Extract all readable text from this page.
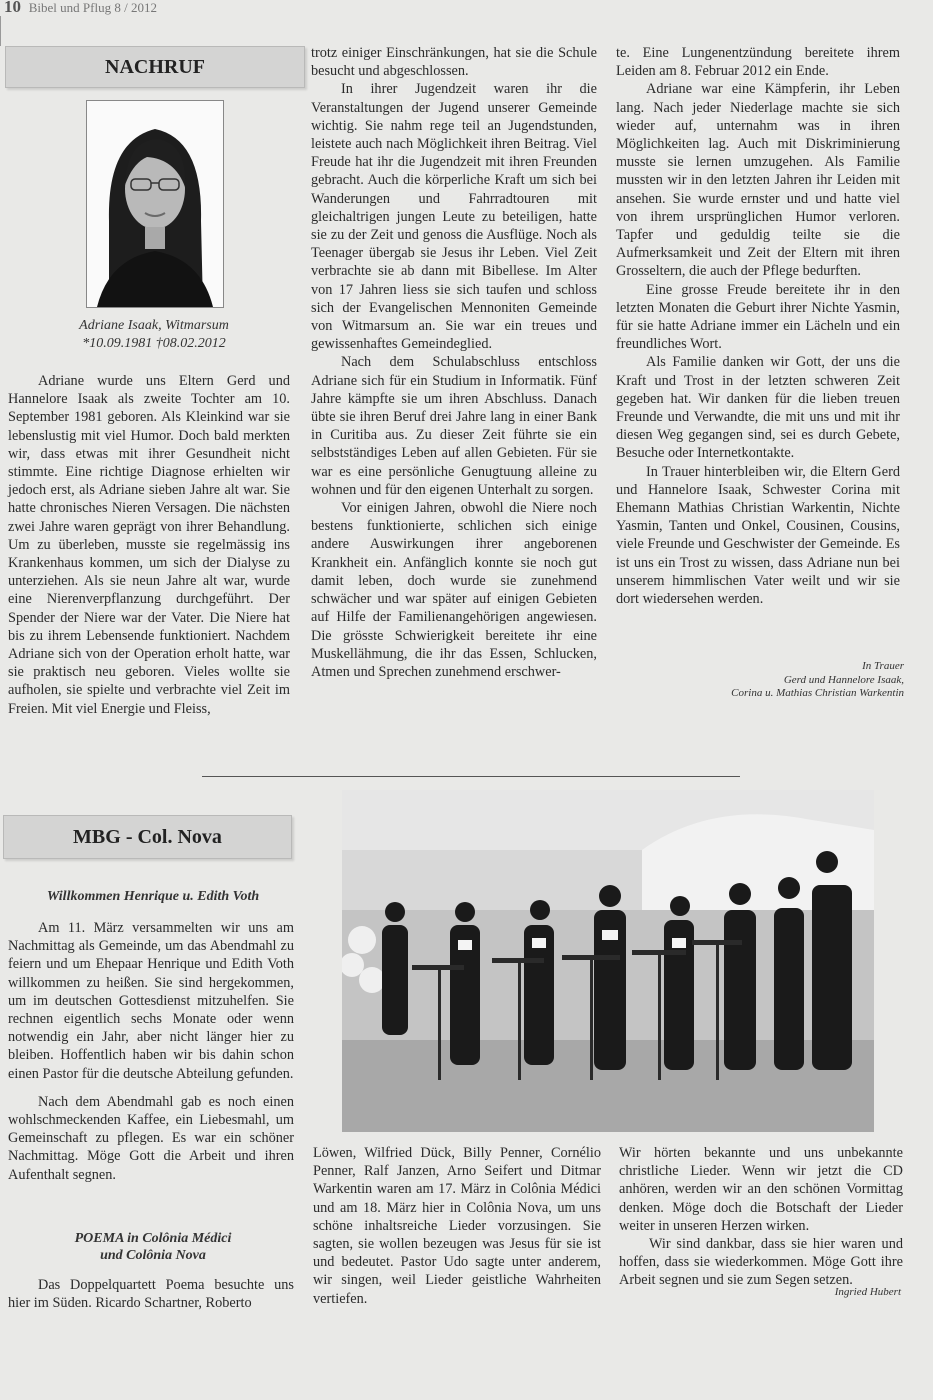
10 Bibel und Pflug 8 / 2012
NACHRUF
Adriane Isaak, Witmarsum
*10.09.1981 †08.02.2012

Adriane wurde uns Eltern Gerd und Hannelore Isaak als zweite Tochter am 10. September 1981 geboren. Als Kleinkind war sie lebenslustig mit viel Humor. Doch bald merkten wir, dass etwas mit ihrer Gesundheit nicht stimmte. Eine richtige Diagnose erhielten wir jedoch erst, als Adriane sieben Jahre alt war. Sie hatte chronisches Nieren Versagen. Die nächsten zwei Jahre waren geprägt von ihrer Behandlung. Um zu überleben, musste sie regelmässig ins Krankenhaus kommen, um sich der Dialyse zu unterziehen. Als sie neun Jahre alt war, wurde eine Nierenverpflanzung durchgeführt. Der Spender der Niere war der Vater. Die Niere hat bis zu ihrem Lebensende funktioniert. Nachdem Adriane sich von der Operation erholt hatte, war sie praktisch neu geboren. Vieles wollte sie aufholen, sie spielte und verbrachte viel Zeit im Freien. Mit viel Energie und Fleiss,

trotz einiger Einschränkungen, hat sie die Schule besucht und abgeschlossen.

In ihrer Jugendzeit waren ihr die Veranstaltungen der Jugend unserer Gemeinde wichtig. Sie nahm rege teil an Jugendstunden, leistete auch nach Möglichkeit ihren Beitrag. Viel Freude hat ihr die Jugendzeit mit ihren Freunden gebracht. Auch die körperliche Kraft um sich bei Wanderungen und Fahrradtouren mit gleichaltrigen jungen Leute zu beteiligen, hatte sie zu der Zeit und genoss die Ausflüge. Noch als Teenager übergab sie Jesus ihr Leben. Viel Zeit verbrachte sie ab dann mit Bibellese. Im Alter von 17 Jahren liess sie sich taufen und schloss sich der Evangelischen Mennoniten Gemeinde von Witmarsum an. Sie war ein treues und gewissenhaftes Gemeindeglied.

Nach dem Schulabschluss entschloss Adriane sich für ein Studium in Informatik. Fünf Jahre kämpfte sie um ihren Abschluss. Danach übte sie ihren Beruf drei Jahre lang in einer Bank in Curitiba aus. Zu dieser Zeit führte sie ein selbstständiges Leben auf allen Gebieten. Für sie war es eine persönliche Genugtuung alleine zu wohnen und für den eigenen Unterhalt zu sorgen.

Vor einigen Jahren, obwohl die Niere noch bestens funktionierte, schlichen sich einige andere Auswirkungen ihrer angeborenen Krankheit ein. Anfänglich konnte sie noch gut damit leben, doch wurde sie zunehmend schwächer und war später auf einigen Gebieten auf Hilfe der Familienangehörigen angewiesen. Die grösste Schwierigkeit bereitete ihr eine Muskellähmung, die ihr das Essen, Schlucken, Atmen und Sprechen zunehmend erschwer-

te. Eine Lungenentzündung bereitete ihrem Leiden am 8. Februar 2012 ein Ende.

Adriane war eine Kämpferin, ihr Leben lang. Nach jeder Niederlage machte sie sich wieder auf, unternahm was in ihren Möglichkeiten lag. Auch mit Diskriminierung musste sie lernen umzugehen. Als Familie mussten wir in den letzten Jahren ihr Leiden mit ansehen. Sie wurde ernster und und hatte viel von ihrem ursprünglichen Humor verloren. Tapfer und geduldig teilte sie die Aufmerksamkeit und Zeit der Eltern mit ihren Grosseltern, die auch der Pflege bedurften.

Eine grosse Freude bereitete ihr in den letzten Monaten die Geburt ihrer Nichte Yasmin, für sie hatte Adriane immer ein Lächeln und ein freundliches Wort.

Als Familie danken wir Gott, der uns die Kraft und Trost in der letzten schweren Zeit gegeben hat. Wir danken für die lieben treuen Freunde und Verwandte, die mit uns und mit ihr diesen Weg gegangen sind, sei es durch Gebete, Besuche oder Internetkontakte.

In Trauer hinterbleiben wir, die Eltern Gerd und Hannelore Isaak, Schwester Corina mit Ehemann Mathias Christian Warkentin, Nichte Yasmin, Tanten und Onkel, Cousinen, Cousins, viele Freunde und Geschwister der Gemeinde. Es ist uns ein Trost zu wissen, dass Adriane nun bei unserem himmlischen Vater weilt und wir sie dort wiedersehen werden.

In Trauer
Gerd und Hannelore Isaak,
Corina u. Mathias Christian Warkentin
MBG - Col. Nova
Willkommen Henrique u. Edith Voth

Am 11. März versammelten wir uns am Nachmittag als Gemeinde, um das Abendmahl zu feiern und um Ehepaar Henrique und Edith Voth willkommen zu heißen. Sie sind hergekommen, um im deutschen Gottesdienst mitzuhelfen. Sie rechnen eigentlich sechs Monate oder wenn notwendig ein Jahr, aber nicht länger hier zu bleiben. Hoffentlich haben wir bis dahin schon einen Pastor für die deutsche Abteilung gefunden.

Nach dem Abendmahl gab es noch einen wohlschmeckenden Kaffee, ein Liebesmahl, um Gemeinschaft zu pflegen. Es war ein schöner Nachmittag. Möge Gott die Arbeit und ihren Aufenthalt segnen.

POEMA in Colônia Médici
und Colônia Nova

Das Doppelquartett Poema besuchte uns hier im Süden. Ricardo Schartner, Roberto

Löwen, Wilfried Dück, Billy Penner, Cornélio Penner, Ralf Janzen, Arno Seifert und Ditmar Warkentin waren am 17. März in Colônia Médici und am 18. März hier in Colônia Nova, um uns schöne inhaltsreiche Lieder vorzusingen. Sie sagten, sie wollen bezeugen was Jesus für sie ist und bedeutet. Pastor Udo sagte unter anderem, wir singen, weil Lieder geistliche Wahrheiten vertiefen.

Wir hörten bekannte und uns unbekannte christliche Lieder. Wenn wir jetzt die CD anhören, werden wir an den schönen Vormittag denken. Möge doch die Botschaft der Lieder weiter in unseren Herzen wirken.

Wir sind dankbar, dass sie hier waren und hoffen, dass sie wiederkommen. Möge Gott ihre Arbeit segnen und sie zum Segen setzen.

Ingried Hubert
